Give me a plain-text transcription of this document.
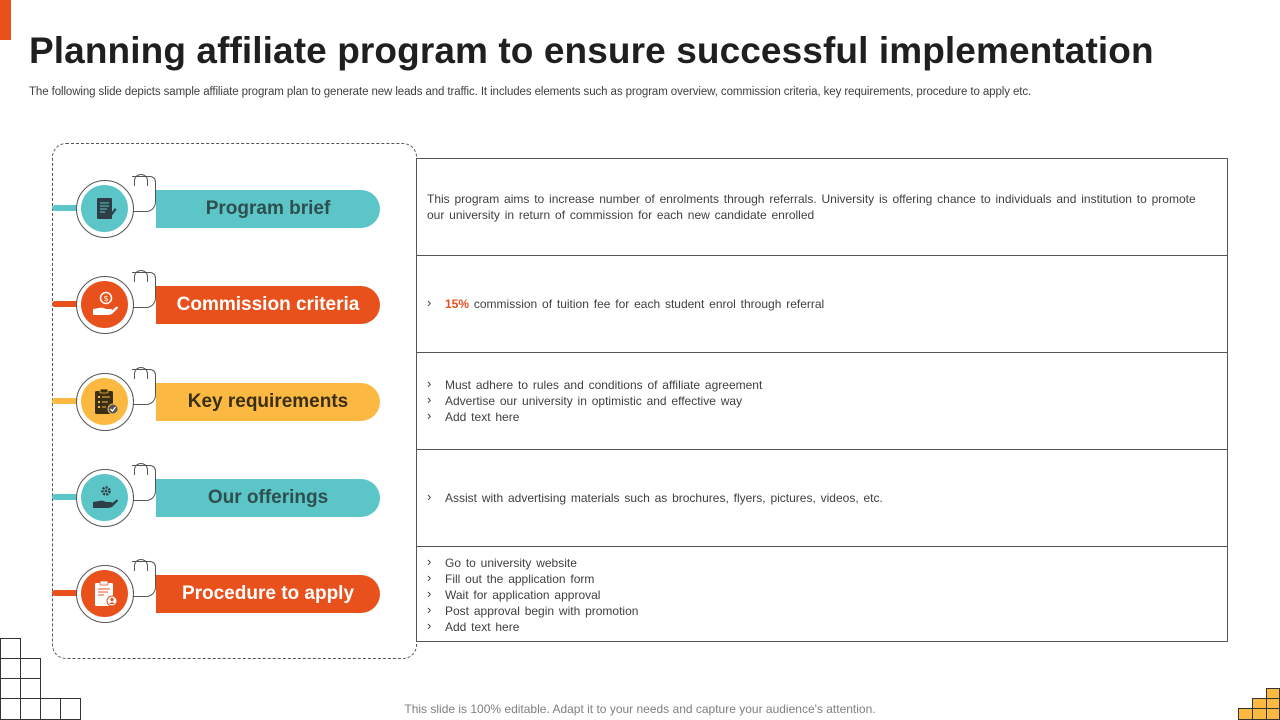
Planning affiliate program to ensure successful implementation

The following slide depicts sample affiliate program plan to generate new leads and traffic. It includes elements such as program overview, commission criteria, key requirements, procedure to apply etc.

Program brief
$	Commission criteria
Key requirements
Our offerings
Procedure to apply

This program aims to increase number of enrolments through referrals. University is offering chance to individuals and institution to promote our university in return of commission for each new candidate enrolled

› 15% commission of tuition fee for each student enrol through referral
› Must adhere to rules and conditions of affiliate agreement
› Advertise our university in optimistic and effective way
› Add text here
› Assist with advertising materials such as brochures, flyers, pictures, videos, etc.
› Go to university website
› Fill out the application form
› Wait for application approval
› Post approval begin with promotion
› Add text here

This slide is 100% editable. Adapt it to your needs and capture your audience's attention.
